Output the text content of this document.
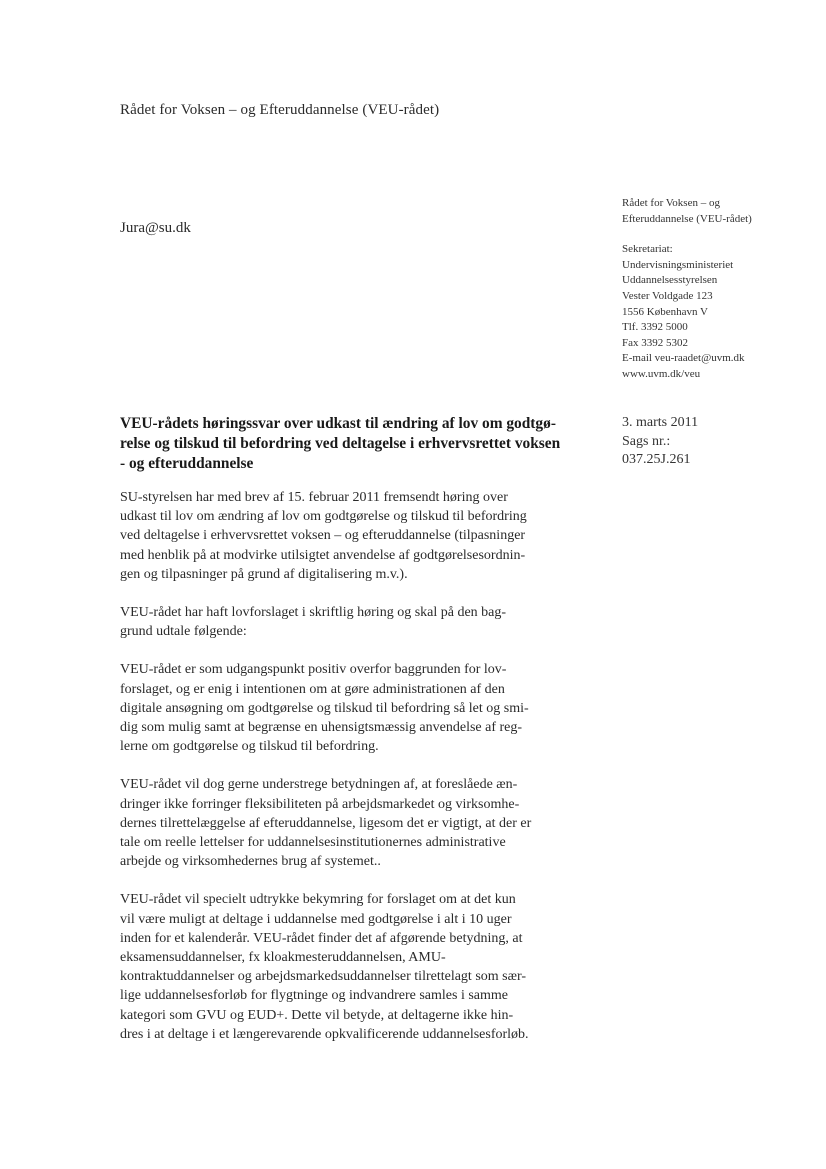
Rådet for Voksen – og Efteruddannelse (VEU-rådet)
Jura@su.dk
Rådet for Voksen – og
Efteruddannelse (VEU-rådet)
Sekretariat:
Undervisningsministeriet
Uddannelsesstyrelsen
Vester Voldgade 123
1556 København V
Tlf. 3392 5000
Fax 3392 5302
E-mail veu-raadet@uvm.dk
www.uvm.dk/veu
3. marts 2011
Sags nr.:
037.25J.261
VEU-rådets høringssvar over udkast til ændring af lov om godtgø-
relse og tilskud til befordring ved deltagelse i erhvervsrettet voksen
- og efteruddannelse
SU-styrelsen har med brev af 15. februar 2011 fremsendt høring over
udkast til lov om ændring af lov om godtgørelse og tilskud til befordring
ved deltagelse i erhvervsrettet voksen – og efteruddannelse (tilpasninger
med henblik på at modvirke utilsigtet anvendelse af godtgørelsesordnin-
gen og tilpasninger på grund af digitalisering m.v.).
VEU-rådet har haft lovforslaget i skriftlig høring og skal på den bag-
grund udtale følgende:
VEU-rådet er som udgangspunkt positiv overfor baggrunden for lov-
forslaget, og er enig i intentionen om at gøre administrationen af den
digitale ansøgning om godtgørelse og tilskud til befordring så let og smi-
dig som mulig samt at begrænse en uhensigtsmæssig anvendelse af reg-
lerne om godtgørelse og tilskud til befordring.
VEU-rådet vil dog gerne understrege betydningen af, at foreslåede æn-
dringer ikke forringer fleksibiliteten på arbejdsmarkedet og virksomhe-
dernes tilrettelæggelse af efteruddannelse, ligesom det er vigtigt, at der er
tale om reelle lettelser for uddannelsesinstitutionernes administrative
arbejde og virksomhedernes brug af systemet..
VEU-rådet vil specielt udtrykke bekymring for forslaget om at det kun
vil være muligt at deltage i uddannelse med godtgørelse i alt i 10 uger
inden for et kalenderår. VEU-rådet finder det af afgørende betydning, at
eksamensuddannelser, fx kloakmesteruddannelsen, AMU-
kontraktuddannelser og arbejdsmarkedsuddannelser tilrettelagt som sær-
lige uddannelsesforløb for flygtninge og indvandrere samles i samme
kategori som GVU og EUD+. Dette vil betyde, at deltagerne ikke hin-
dres i at deltage i et længerevarende opkvalificerende uddannelsesforløb.
